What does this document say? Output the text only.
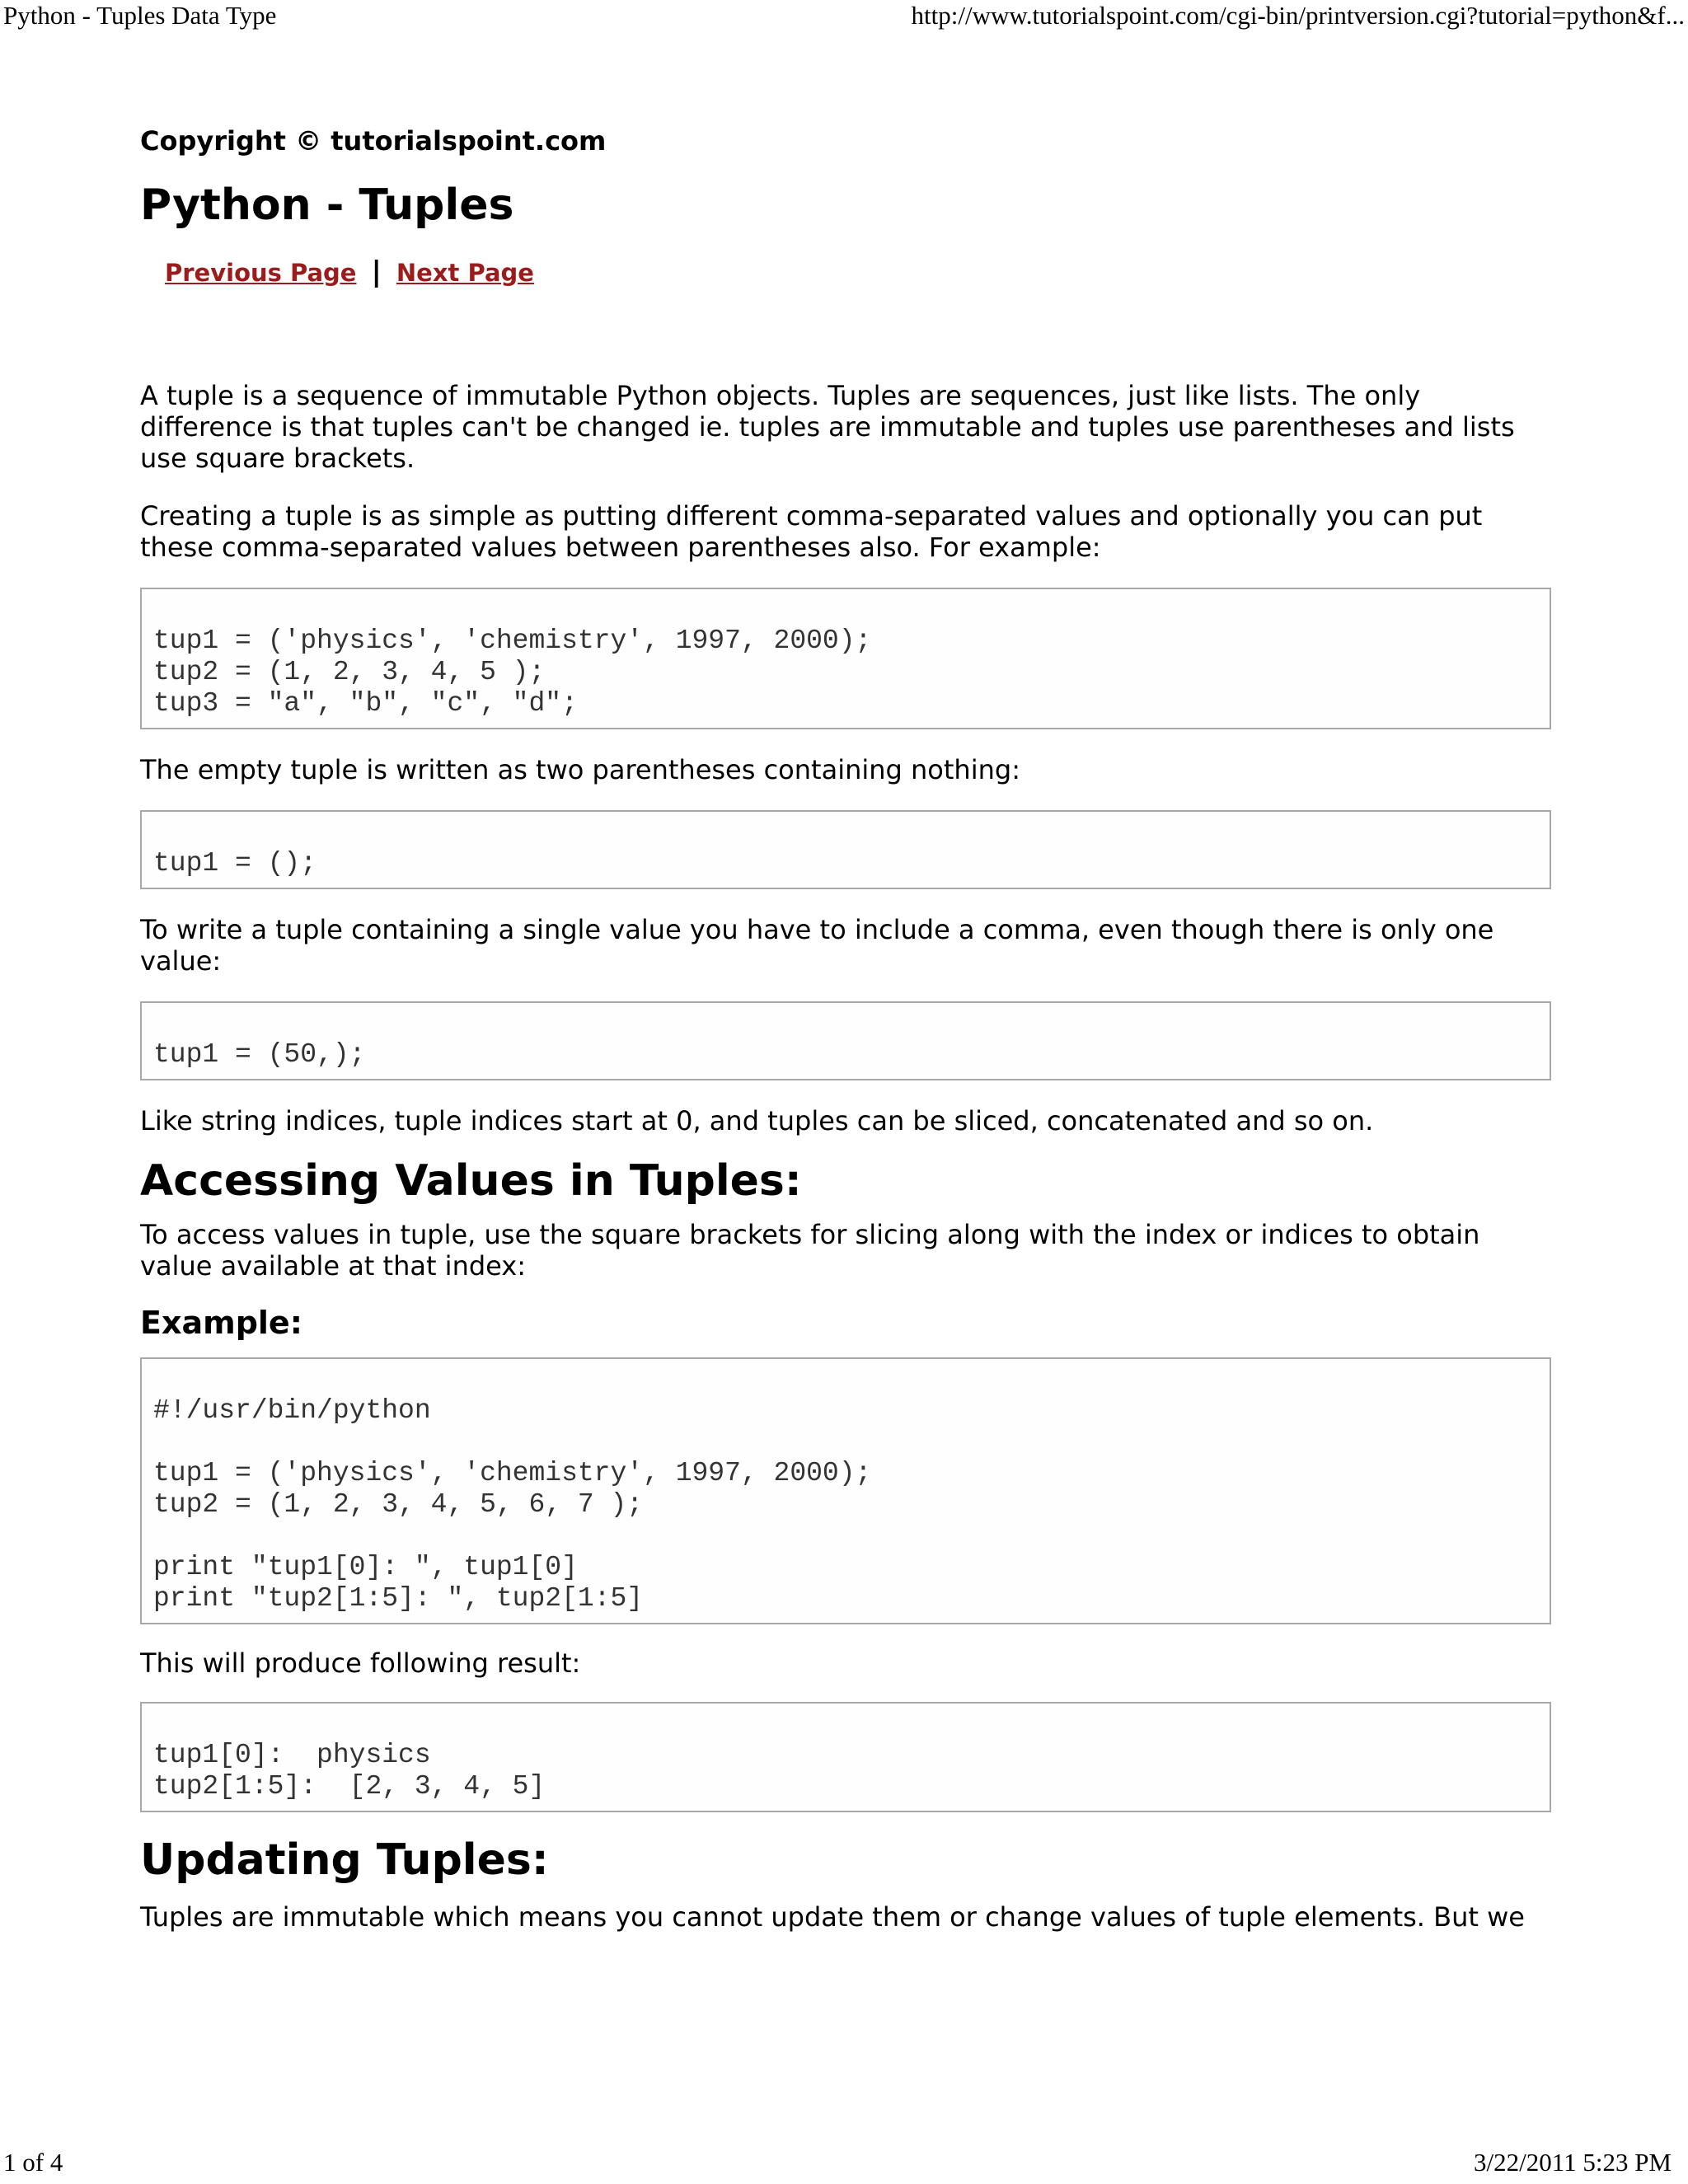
Python - Tuples Data Type	http://www.tutorialspoint.com/cgi-bin/printversion.cgi?tutorial=python&f...

Copyright © tutorialspoint.com

Python - Tuples
Previous Page | Next Page

A tuple is a sequence of immutable Python objects. Tuples are sequences, just like lists. The only difference is that tuples can't be changed ie. tuples are immutable and tuples use parentheses and lists use square brackets.

Creating a tuple is as simple as putting different comma-separated values and optionally you can put these comma-separated values between parentheses also. For example:

tup1 = ('physics', 'chemistry', 1997, 2000);
tup2 = (1, 2, 3, 4, 5 );
tup3 = "a", "b", "c", "d";

The empty tuple is written as two parentheses containing nothing:

tup1 = ();

To write a tuple containing a single value you have to include a comma, even though there is only one value:

tup1 = (50,);

Like string indices, tuple indices start at 0, and tuples can be sliced, concatenated and so on.

Accessing Values in Tuples:

To access values in tuple, use the square brackets for slicing along with the index or indices to obtain value available at that index:

Example:
#!/usr/bin/python

tup1 = ('physics', 'chemistry', 1997, 2000);
tup2 = (1, 2, 3, 4, 5, 6, 7 );

print "tup1[0]: ", tup1[0]
print "tup2[1:5]: ", tup2[1:5]

This will produce following result:

tup1[0]:  physics
tup2[1:5]:  [2, 3, 4, 5]
Updating Tuples:

Tuples are immutable which means you cannot update them or change values of tuple elements. But we

1 of 4	3/22/2011 5:23 PM
